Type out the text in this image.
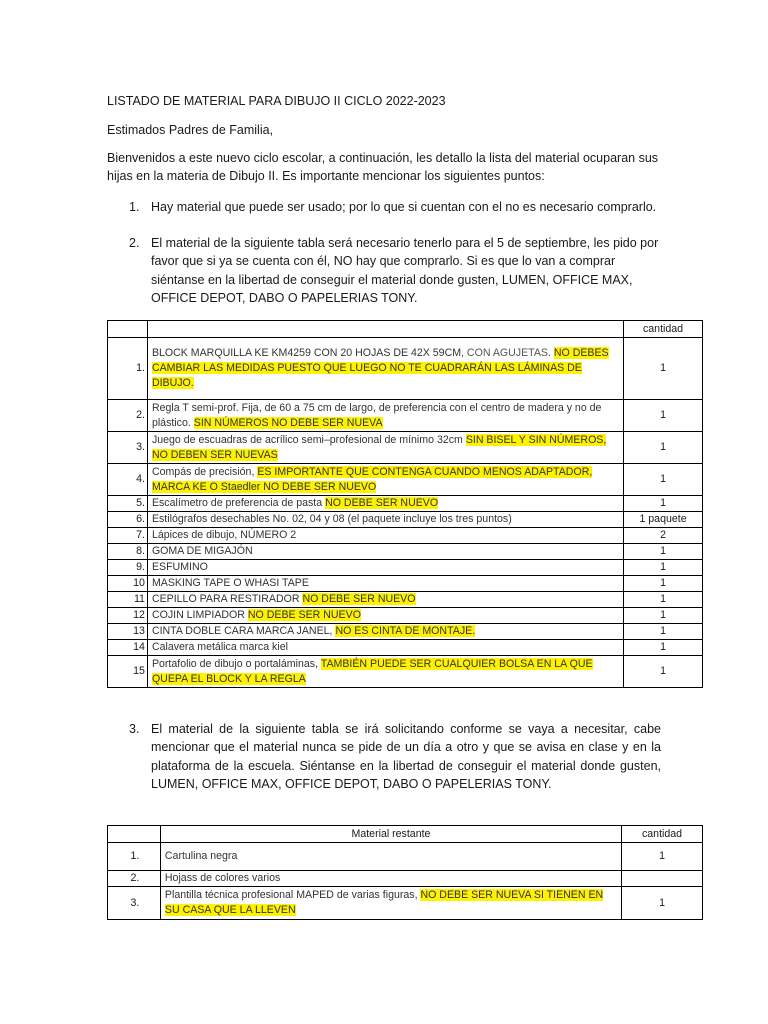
LISTADO DE MATERIAL PARA DIBUJO II CICLO 2022-2023

Estimados Padres de Familia,

Bienvenidos a este nuevo ciclo escolar, a continuación, les detallo la lista del material ocuparan sus hijas en la materia de Dibujo II. Es importante mencionar los siguientes puntos:

1. Hay material que puede ser usado; por lo que si cuentan con el no es necesario comprarlo.
2. El material de la siguiente tabla será necesario tenerlo para el 5 de septiembre, les pido por favor que si ya se cuenta con él, NO hay que comprarlo. Si es que lo van a comprar siéntanse en la libertad de conseguir el material donde gusten, LUMEN, OFFICE MAX, OFFICE DEPOT, DABO O PAPELERIAS TONY.
		cantidad
1.	BLOCK MARQUILLA KE KM4259 CON 20 HOJAS DE 42X 59CM, CON AGUJETAS. NO DEBES CAMBIAR LAS MEDIDAS PUESTO QUE LUEGO NO TE CUADRARÁN LAS LÁMINAS DE DIBUJO.	1
2.	Regla T semi-prof. Fija, de 60 a 75 cm de largo, de preferencia con el centro de madera y no de plástico. SIN NÚMEROS NO DEBE SER NUEVA	1
3.	Juego de escuadras de acrílico semi–profesional de mínimo 32cm SIN BISEL Y SIN NÚMEROS, NO DEBEN SER NUEVAS	1
4.	Compás de precisión, ES IMPORTANTE QUE CONTENGA CUANDO MENOS ADAPTADOR, MARCA KE O Staedler NO DEBE SER NUEVO	1
5.	Escalímetro de preferencia de pasta NO DEBE SER NUEVO	1
6.	Estilógrafos desechables No. 02, 04 y 08 (el paquete incluye los tres puntos)	1 paquete
7.	Lápices de dibujo, NÚMERO 2	2
8.	GOMA DE MIGAJÓN	1
9.	ESFUMINO	1
10	MASKING TAPE O WHASI TAPE	1
11	CEPILLO PARA RESTIRADOR NO DEBE SER NUEVO	1
12	COJIN LIMPIADOR NO DEBE SER NUEVO	1
13	CINTA DOBLE CARA MARCA JANEL, NO ES CINTA DE MONTAJE.	1
14	Calavera metálica marca kiel	1
15	Portafolio de dibujo o portaláminas, TAMBIÉN PUEDE SER CUALQUIER BOLSA EN LA QUE QUEPA EL BLOCK Y LA REGLA	1
3. El material de la siguiente tabla se irá solicitando conforme se vaya a necesitar, cabe mencionar que el material nunca se pide de un día a otro y que se avisa en clase y en la plataforma de la escuela. Siéntanse en la libertad de conseguir el material donde gusten, LUMEN, OFFICE MAX, OFFICE DEPOT, DABO O PAPELERIAS TONY.
	Material restante	cantidad
1.	Cartulina negra	1
2.	Hojass de colores varios	
3.	Plantilla técnica profesional MAPED de varias figuras, NO DEBE SER NUEVA SI TIENEN EN SU CASA QUE LA LLEVEN	1
